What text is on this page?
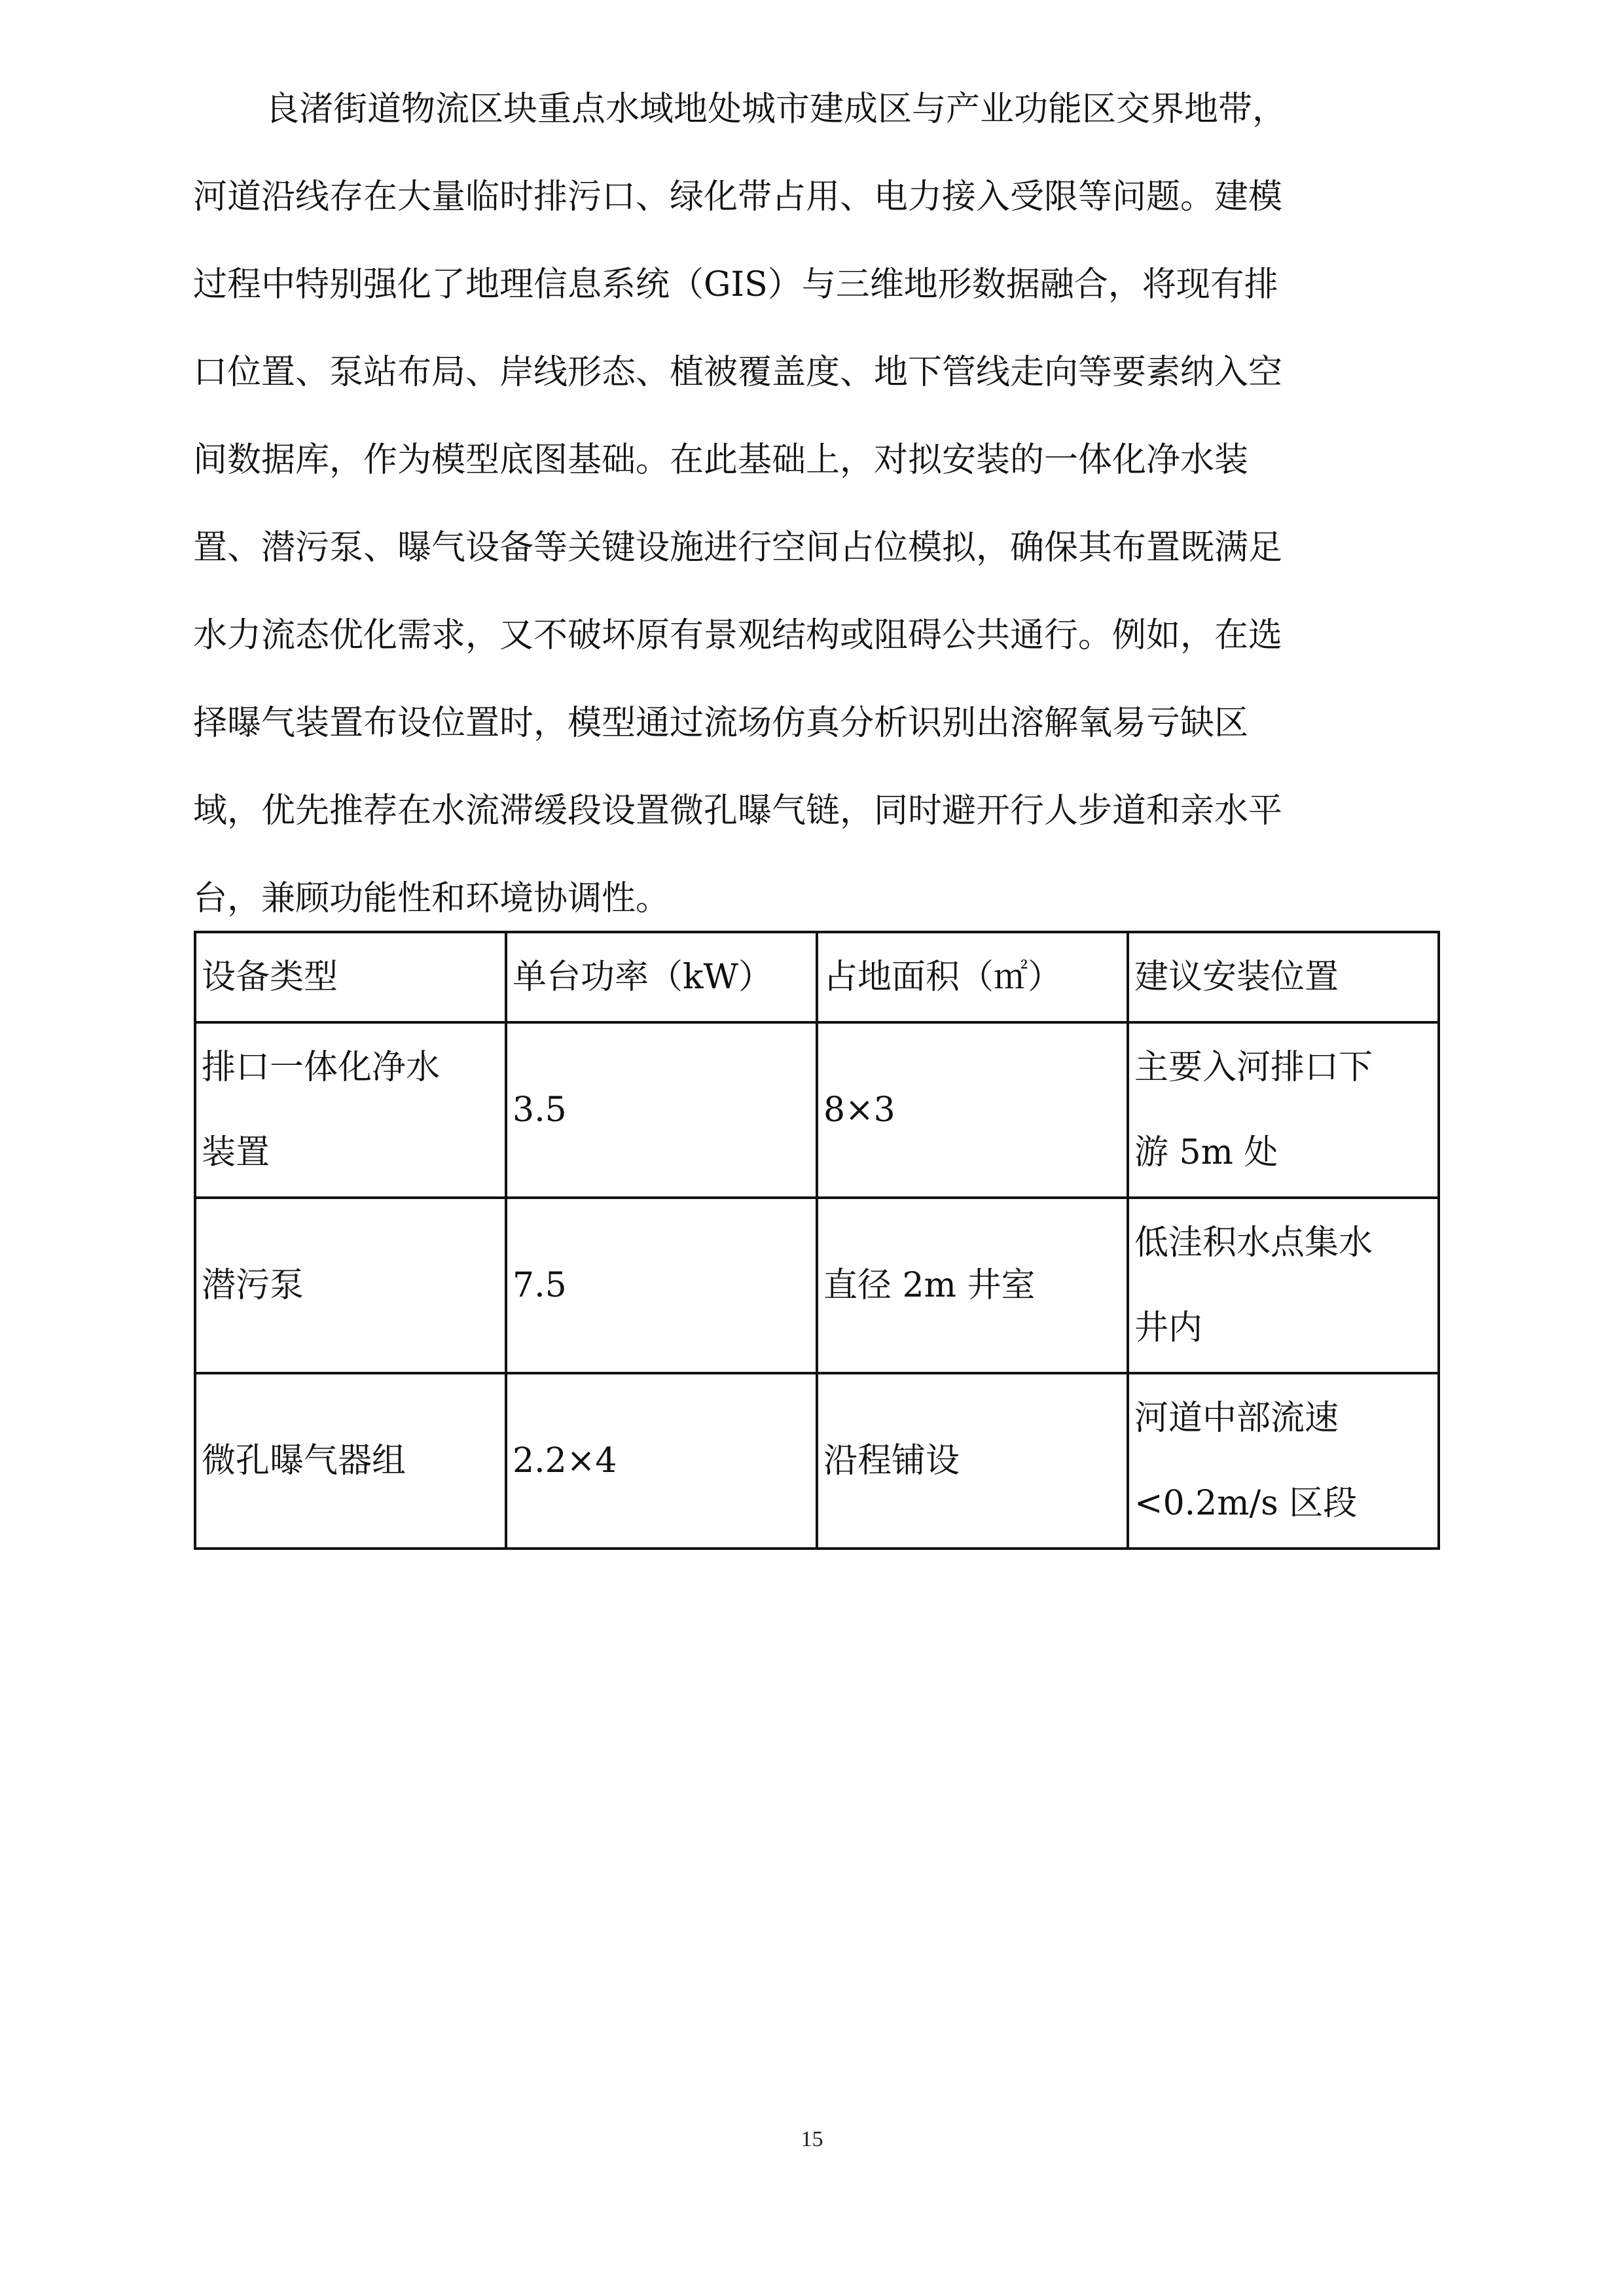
良渚街道物流区块重点水域地处城市建成区与产业功能区交界地带，
河道沿线存在大量临时排污口、绿化带占用、电力接入受限等问题。建模
过程中特别强化了地理信息系统（GIS）与三维地形数据融合，将现有排
口位置、泵站布局、岸线形态、植被覆盖度、地下管线走向等要素纳入空
间数据库，作为模型底图基础。在此基础上，对拟安装的一体化净水装
置、潜污泵、曝气设备等关键设施进行空间占位模拟，确保其布置既满足
水力流态优化需求，又不破坏原有景观结构或阻碍公共通行。例如，在选
择曝气装置布设位置时，模型通过流场仿真分析识别出溶解氧易亏缺区
域，优先推荐在水流滞缓段设置微孔曝气链，同时避开行人步道和亲水平
台，兼顾功能性和环境协调性。
设备类型	单台功率（kW）	占地面积（㎡）	建议安装位置

排口一体化净水
装置	3.5	8×3	主要入河排口下
游 5m 处

潜污泵	7.5	直径 2m 井室	低洼积水点集水
井内

微孔曝气器组	2.2×4	沿程铺设	河道中部流速
<0.2m/s 区段
15
